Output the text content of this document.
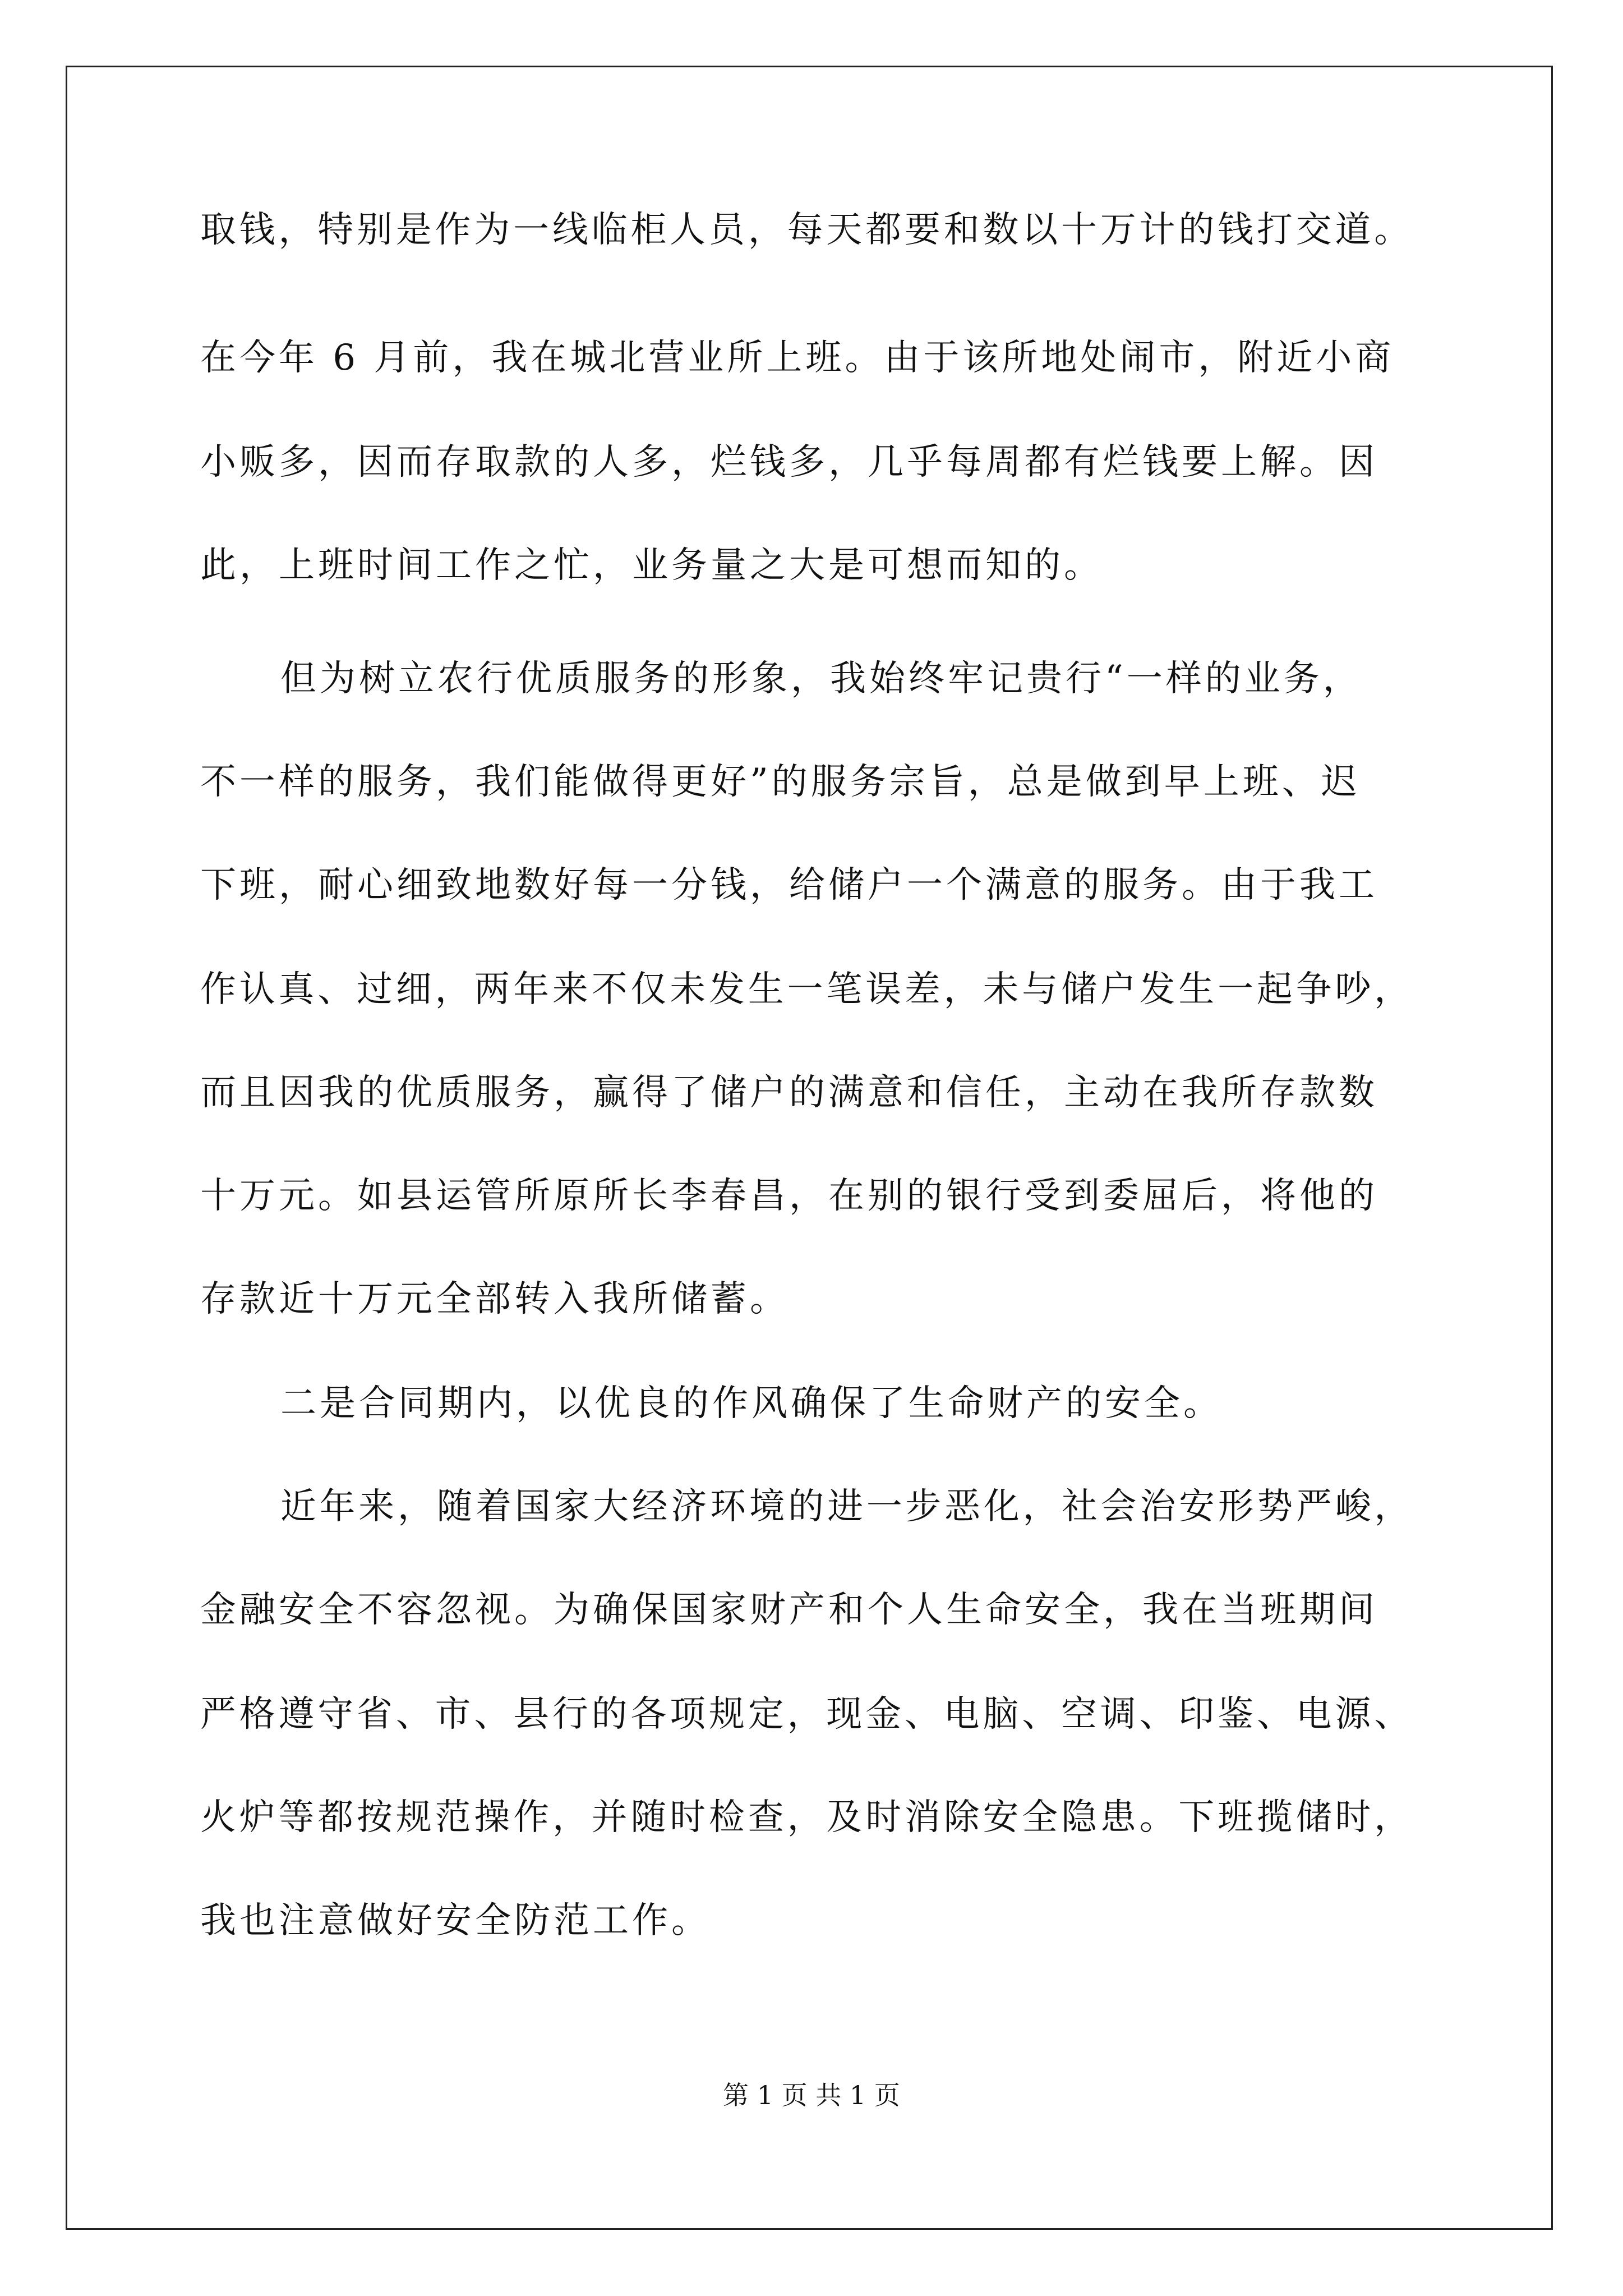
取钱，特别是作为一线临柜人员，每天都要和数以十万计的钱打交道。

在今年 6 月前，我在城北营业所上班。由于该所地处闹市，附近小商

小贩多，因而存取款的人多，烂钱多，几乎每周都有烂钱要上解。因

此，上班时间工作之忙，业务量之大是可想而知的。

但为树立农行优质服务的形象，我始终牢记贵行“一样的业务，

不一样的服务，我们能做得更好”的服务宗旨，总是做到早上班、迟

下班，耐心细致地数好每一分钱，给储户一个满意的服务。由于我工

作认真、过细，两年来不仅未发生一笔误差，未与储户发生一起争吵，

而且因我的优质服务，赢得了储户的满意和信任，主动在我所存款数

十万元。如县运管所原所长李春昌，在别的银行受到委屈后，将他的

存款近十万元全部转入我所储蓄。

二是合同期内，以优良的作风确保了生命财产的安全。

近年来，随着国家大经济环境的进一步恶化，社会治安形势严峻，

金融安全不容忽视。为确保国家财产和个人生命安全，我在当班期间

严格遵守省、市、县行的各项规定，现金、电脑、空调、印鉴、电源、

火炉等都按规范操作，并随时检查，及时消除安全隐患。下班揽储时，

我也注意做好安全防范工作。

第 1 页 共 1 页
